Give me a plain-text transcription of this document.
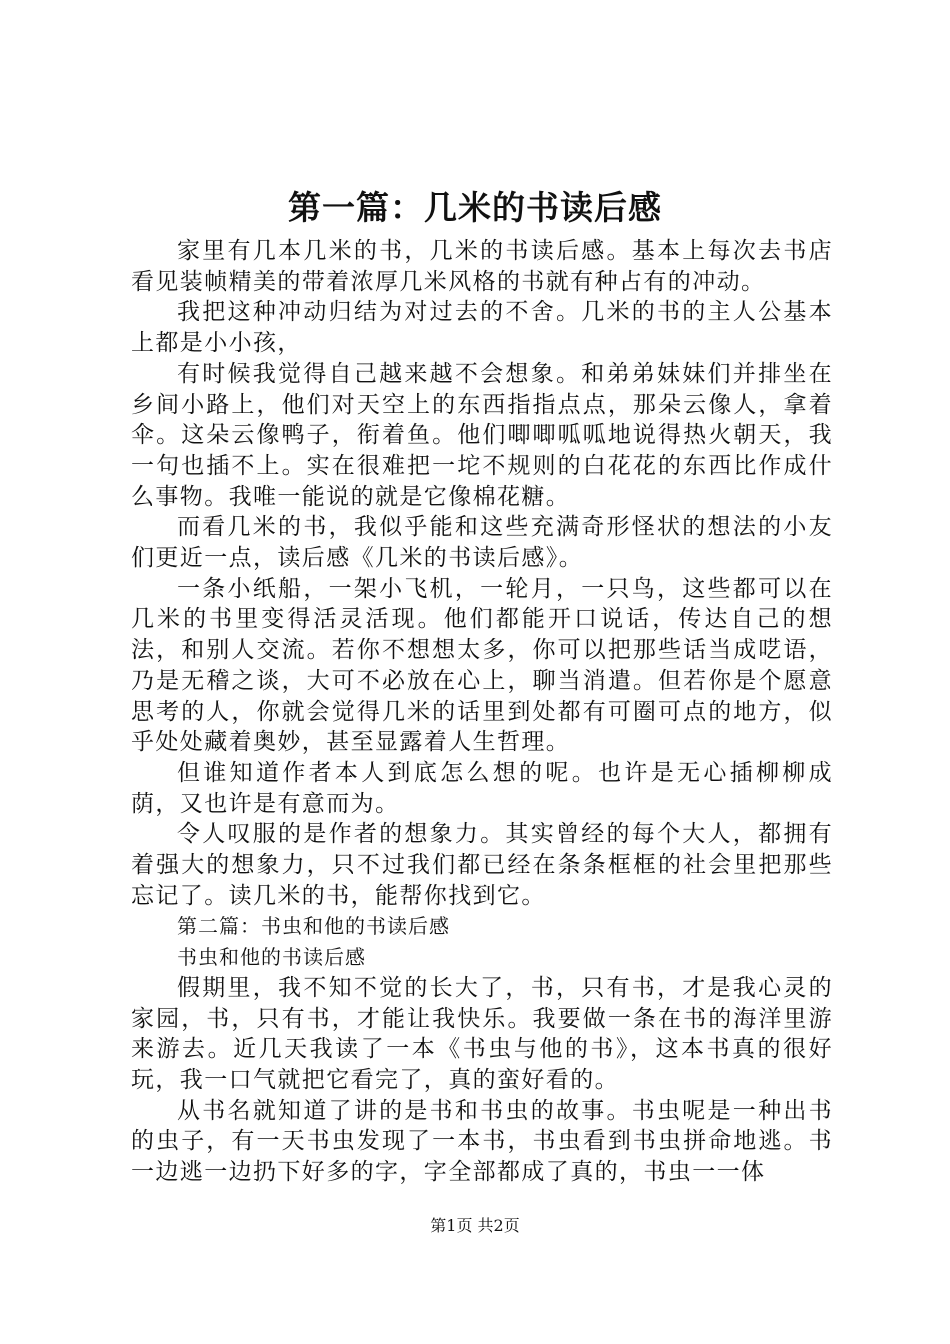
第一篇：几米的书读后感

家里有几本几米的书，几米的书读后感。基本上每次去书店看见装帧精美的带着浓厚几米风格的书就有种占有的冲动。

我把这种冲动归结为对过去的不舍。几米的书的主人公基本上都是小小孩，

有时候我觉得自己越来越不会想象。和弟弟妹妹们并排坐在乡间小路上，他们对天空上的东西指指点点，那朵云像人，拿着伞。这朵云像鸭子，衔着鱼。他们唧唧呱呱地说得热火朝天，我一句也插不上。实在很难把一坨不规则的白花花的东西比作成什么事物。我唯一能说的就是它像棉花糖。

而看几米的书，我似乎能和这些充满奇形怪状的想法的小友们更近一点，读后感《几米的书读后感》。

一条小纸船，一架小飞机，一轮月，一只鸟，这些都可以在几米的书里变得活灵活现。他们都能开口说话，传达自己的想法，和别人交流。若你不想想太多，你可以把那些话当成呓语，乃是无稽之谈，大可不必放在心上，聊当消遣。但若你是个愿意思考的人，你就会觉得几米的话里到处都有可圈可点的地方，似乎处处藏着奥妙，甚至显露着人生哲理。

但谁知道作者本人到底怎么想的呢。也许是无心插柳柳成荫，又也许是有意而为。

令人叹服的是作者的想象力。其实曾经的每个大人，都拥有着强大的想象力，只不过我们都已经在条条框框的社会里把那些忘记了。读几米的书，能帮你找到它。

第二篇：书虫和他的书读后感

书虫和他的书读后感

假期里，我不知不觉的长大了，书，只有书，才是我心灵的家园，书，只有书，才能让我快乐。我要做一条在书的海洋里游来游去。近几天我读了一本《书虫与他的书》，这本书真的很好玩，我一口气就把它看完了，真的蛮好看的。

从书名就知道了讲的是书和书虫的故事。书虫呢是一种出书的虫子，有一天书虫发现了一本书，书虫看到书虫拼命地逃。书一边逃一边扔下好多的字，字全部都成了真的，书虫一一体

第1页 共2页
